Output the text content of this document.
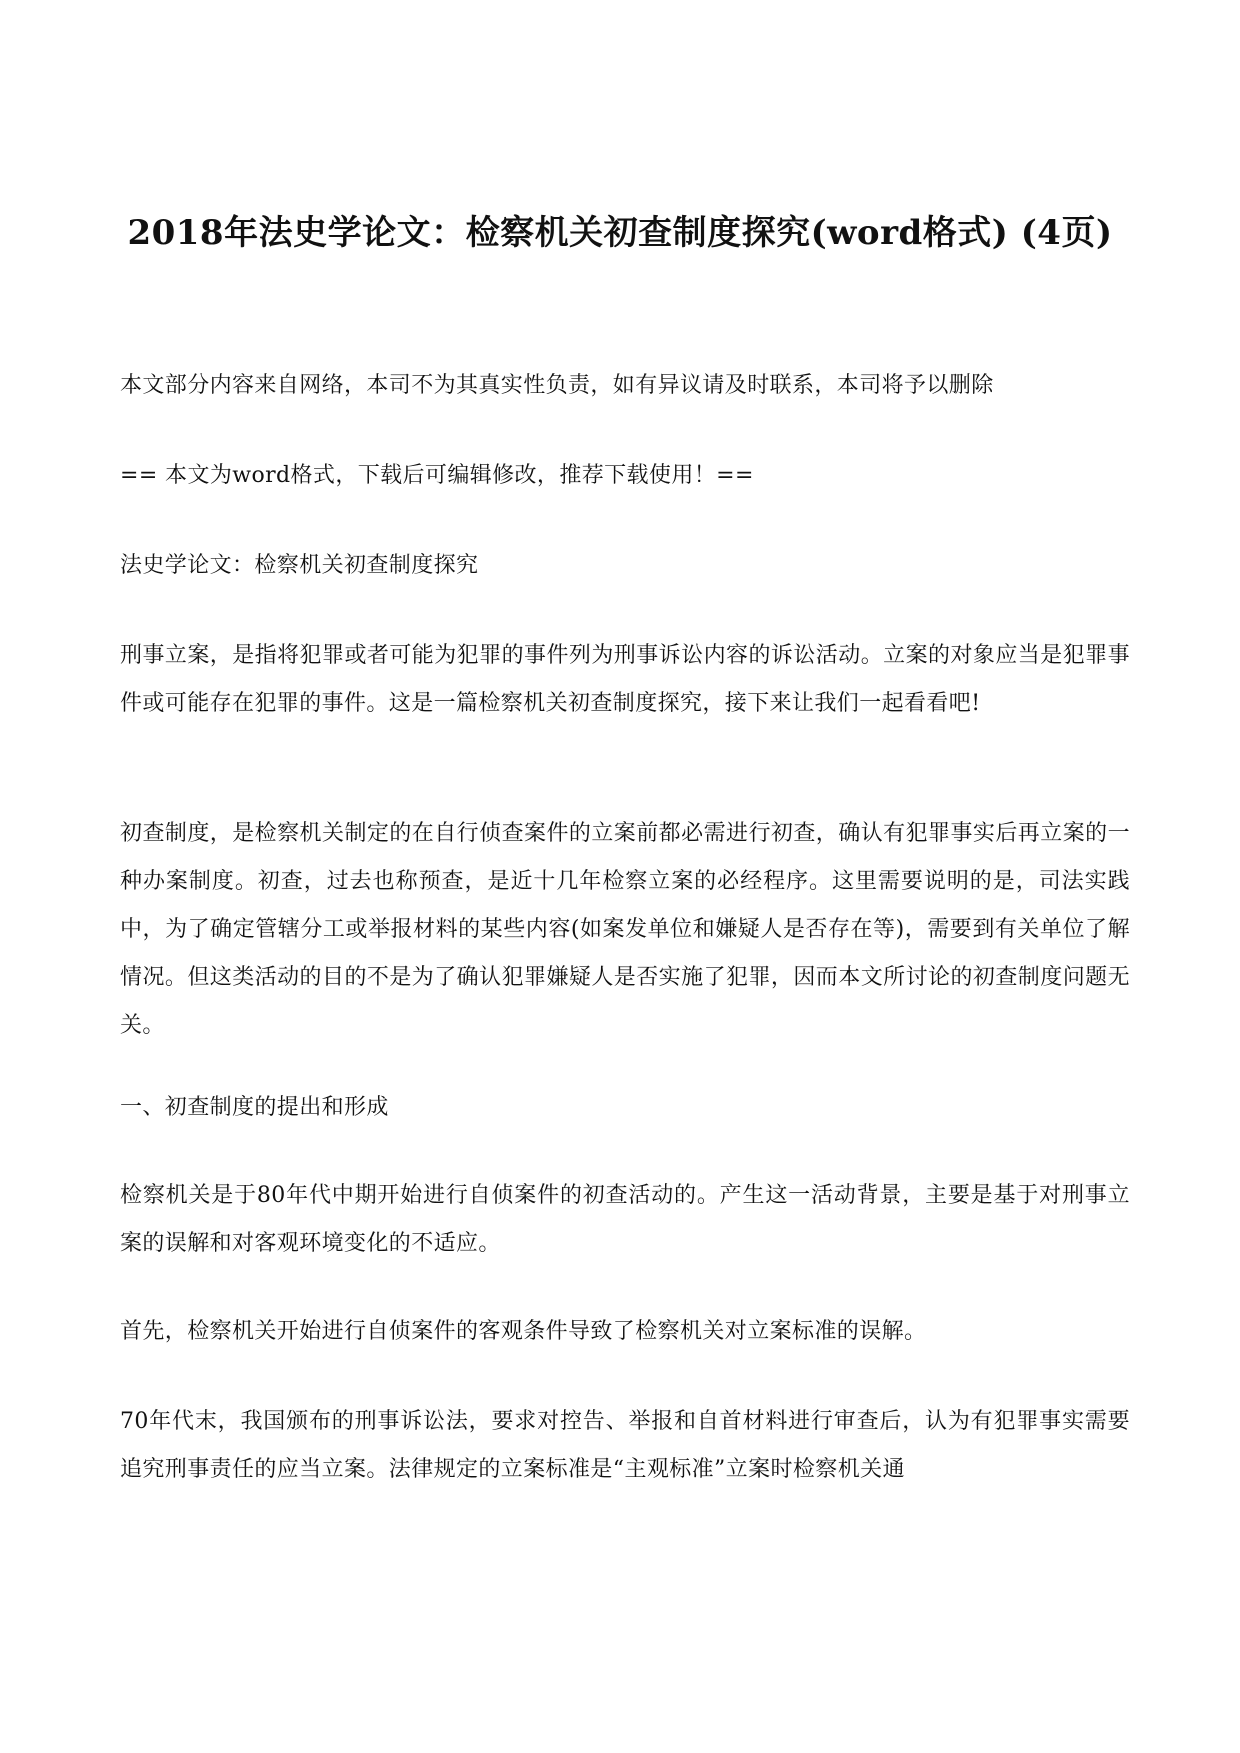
2018年法史学论文：检察机关初查制度探究(word格式) (4页)

本文部分内容来自网络，本司不为其真实性负责，如有异议请及时联系，本司将予以删除

== 本文为word格式，下载后可编辑修改，推荐下载使用！==

法史学论文：检察机关初查制度探究

刑事立案，是指将犯罪或者可能为犯罪的事件列为刑事诉讼内容的诉讼活动。立案的对象应当是犯罪事件或可能存在犯罪的事件。这是一篇检察机关初查制度探究，接下来让我们一起看看吧!

初查制度，是检察机关制定的在自行侦查案件的立案前都必需进行初查，确认有犯罪事实后再立案的一种办案制度。初查，过去也称预查，是近十几年检察立案的必经程序。这里需要说明的是，司法实践中，为了确定管辖分工或举报材料的某些内容(如案发单位和嫌疑人是否存在等)，需要到有关单位了解情况。但这类活动的目的不是为了确认犯罪嫌疑人是否实施了犯罪，因而本文所讨论的初查制度问题无关。

一、初查制度的提出和形成

检察机关是于80年代中期开始进行自侦案件的初查活动的。产生这一活动背景，主要是基于对刑事立案的误解和对客观环境变化的不适应。

首先，检察机关开始进行自侦案件的客观条件导致了检察机关对立案标准的误解。

70年代末，我国颁布的刑事诉讼法，要求对控告、举报和自首材料进行审查后，认为有犯罪事实需要追究刑事责任的应当立案。法律规定的立案标准是“主观标准”立案时检察机关通
